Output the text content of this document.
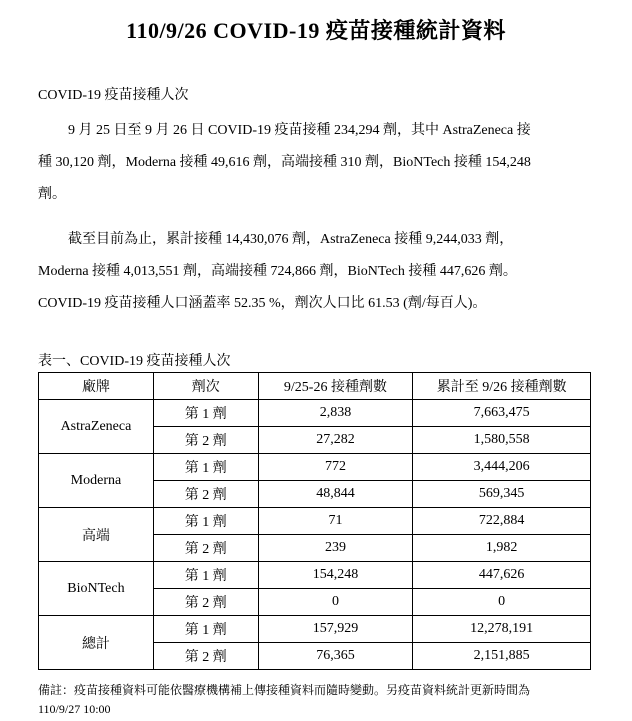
110/9/26 COVID-19 疫苗接種統計資料
COVID-19 疫苗接種人次
9 月 25 日至 9 月 26 日 COVID-19 疫苗接種 234,294 劑，其中 AstraZeneca 接
種 30,120 劑，Moderna 接種 49,616 劑，高端接種 310 劑，BioNTech 接種 154,248
劑。
截至目前為止，累計接種 14,430,076 劑，AstraZeneca 接種 9,244,033 劑，
Moderna 接種 4,013,551 劑，高端接種 724,866 劑，BioNTech 接種 447,626 劑。
COVID-19 疫苗接種人口涵蓋率 52.35 %，劑次人口比 61.53 (劑/每百人)。
表一、COVID-19 疫苗接種人次
廠牌	劑次	9/25-26 接種劑數	累計至 9/26 接種劑數
AstraZeneca	第 1 劑	2,838	7,663,475
	第 2 劑	27,282	1,580,558
Moderna	第 1 劑	772	3,444,206
	第 2 劑	48,844	569,345
高端	第 1 劑	71	722,884
	第 2 劑	239	1,982
BioNTech	第 1 劑	154,248	447,626
	第 2 劑	0	0
總計	第 1 劑	157,929	12,278,191
	第 2 劑	76,365	2,151,885
備註：疫苗接種資料可能依醫療機構補上傳接種資料而隨時變動。另疫苗資料統計更新時間為
110/9/27 10:00
